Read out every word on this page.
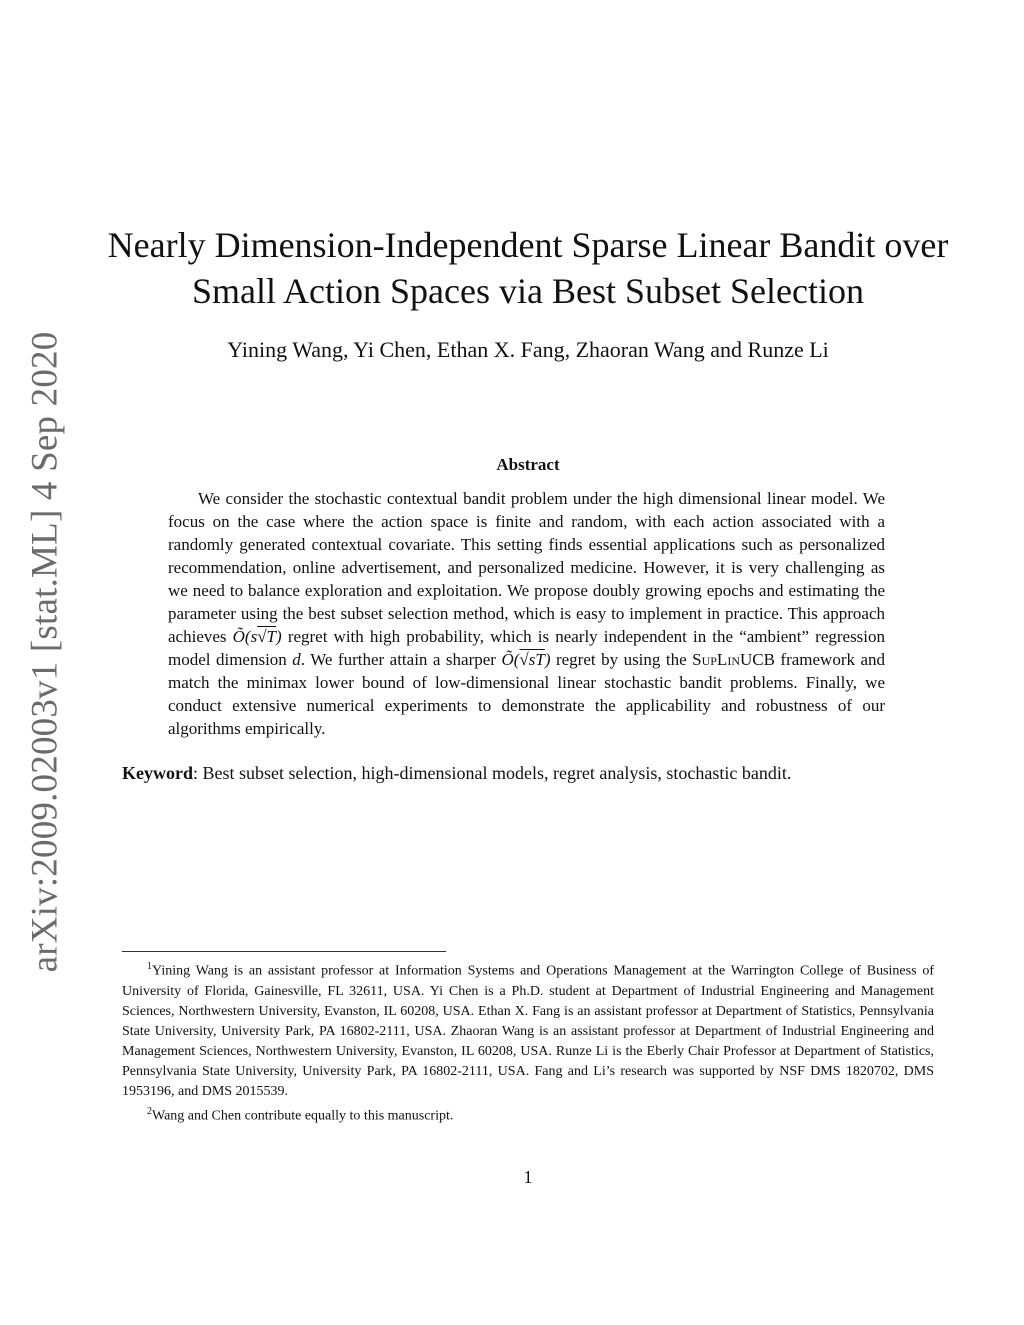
arXiv:2009.02003v1 [stat.ML] 4 Sep 2020
Nearly Dimension-Independent Sparse Linear Bandit over Small Action Spaces via Best Subset Selection
Yining Wang, Yi Chen, Ethan X. Fang, Zhaoran Wang and Runze Li
Abstract

We consider the stochastic contextual bandit problem under the high dimensional linear model. We focus on the case where the action space is finite and random, with each action associated with a randomly generated contextual covariate. This setting finds essential applications such as personalized recommendation, online advertisement, and personalized medicine. However, it is very challenging as we need to balance exploration and exploitation. We propose doubly growing epochs and estimating the parameter using the best subset selection method, which is easy to implement in practice. This approach achieves Õ(s√T) regret with high probability, which is nearly independent in the “ambient” regression model dimension d. We further attain a sharper Õ(√sT) regret by using the SupLinUCB framework and match the minimax lower bound of low-dimensional linear stochastic bandit problems. Finally, we conduct extensive numerical experiments to demonstrate the applicability and robustness of our algorithms empirically.

Keyword: Best subset selection, high-dimensional models, regret analysis, stochastic bandit.

$^1$Yining Wang is an assistant professor at Information Systems and Operations Management at the Warrington College of Business of University of Florida, Gainesville, FL 32611, USA. Yi Chen is a Ph.D. student at Department of Industrial Engineering and Management Sciences, Northwestern University, Evanston, IL 60208, USA. Ethan X. Fang is an assistant professor at Department of Statistics, Pennsylvania State University, University Park, PA 16802-2111, USA. Zhaoran Wang is an assistant professor at Department of Industrial Engineering and Management Sciences, Northwestern University, Evanston, IL 60208, USA. Runze Li is the Eberly Chair Professor at Department of Statistics, Pennsylvania State University, University Park, PA 16802-2111, USA. Fang and Li’s research was supported by NSF DMS 1820702, DMS 1953196, and DMS 2015539.

$^2$Wang and Chen contribute equally to this manuscript.

1
